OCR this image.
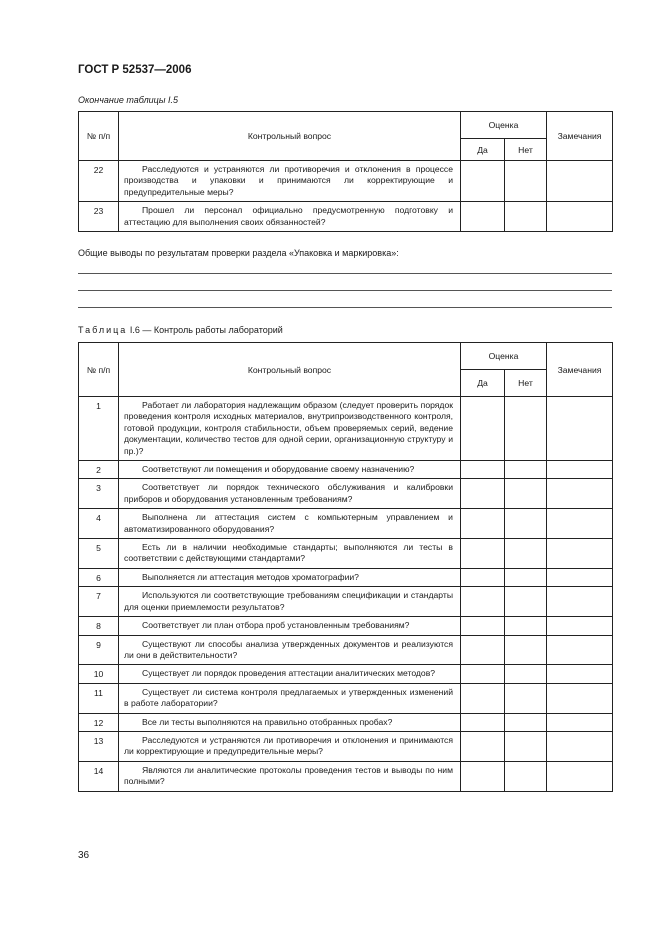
ГОСТ Р 52537—2006
Окончание таблицы I.5
№ п/п	Контрольный вопрос	Оценка		Замечания
		Да	Нет	
22	Расследуются и устраняются ли противоречия и отклонения в процессе производства и упаковки и принимаются ли корректирующие и предупредительные меры?			

23	Прошел ли персонал официально предусмотренную подготовку и аттестацию для выполнения своих обязанностей?			

Общие выводы по результатам проверки раздела «Упаковка и маркировка»:
Таблица I.6 — Контроль работы лабораторий
№ п/п	Контрольный вопрос	Оценка		Замечания
		Да	Нет	
1	Работает ли лаборатория надлежащим образом (следует проверить порядок проведения контроля исходных материалов, внутрипроизводственного контроля, готовой продукции, контроля стабильности, объем проверяемых серий, ведение документации, количество тестов для одной серии, организационную структуру и пр.)?			

2	Соответствуют ли помещения и оборудование своему назначению?			

3	Соответствует ли порядок технического обслуживания и калибровки приборов и оборудования установленным требованиям?			

4	Выполнена ли аттестация систем с компьютерным управлением и автоматизированного оборудования?			

5	Есть ли в наличии необходимые стандарты; выполняются ли тесты в соответствии с действующими стандартами?			

6	Выполняется ли аттестация методов хроматографии?			

7	Используются ли соответствующие требованиям спецификации и стандарты для оценки приемлемости результатов?			

8	Соответствует ли план отбора проб установленным требованиям?			

9	Существуют ли способы анализа утвержденных документов и реализуются ли они в действительности?			

10	Существует ли порядок проведения аттестации аналитических методов?			

11	Существует ли система контроля предлагаемых и утвержденных изменений в работе лаборатории?			

12	Все ли тесты выполняются на правильно отобранных пробах?			

13	Расследуются и устраняются ли противоречия и отклонения и принимаются ли корректирующие и предупредительные меры?			

14	Являются ли аналитические протоколы проведения тестов и выводы по ним полными?			

36
